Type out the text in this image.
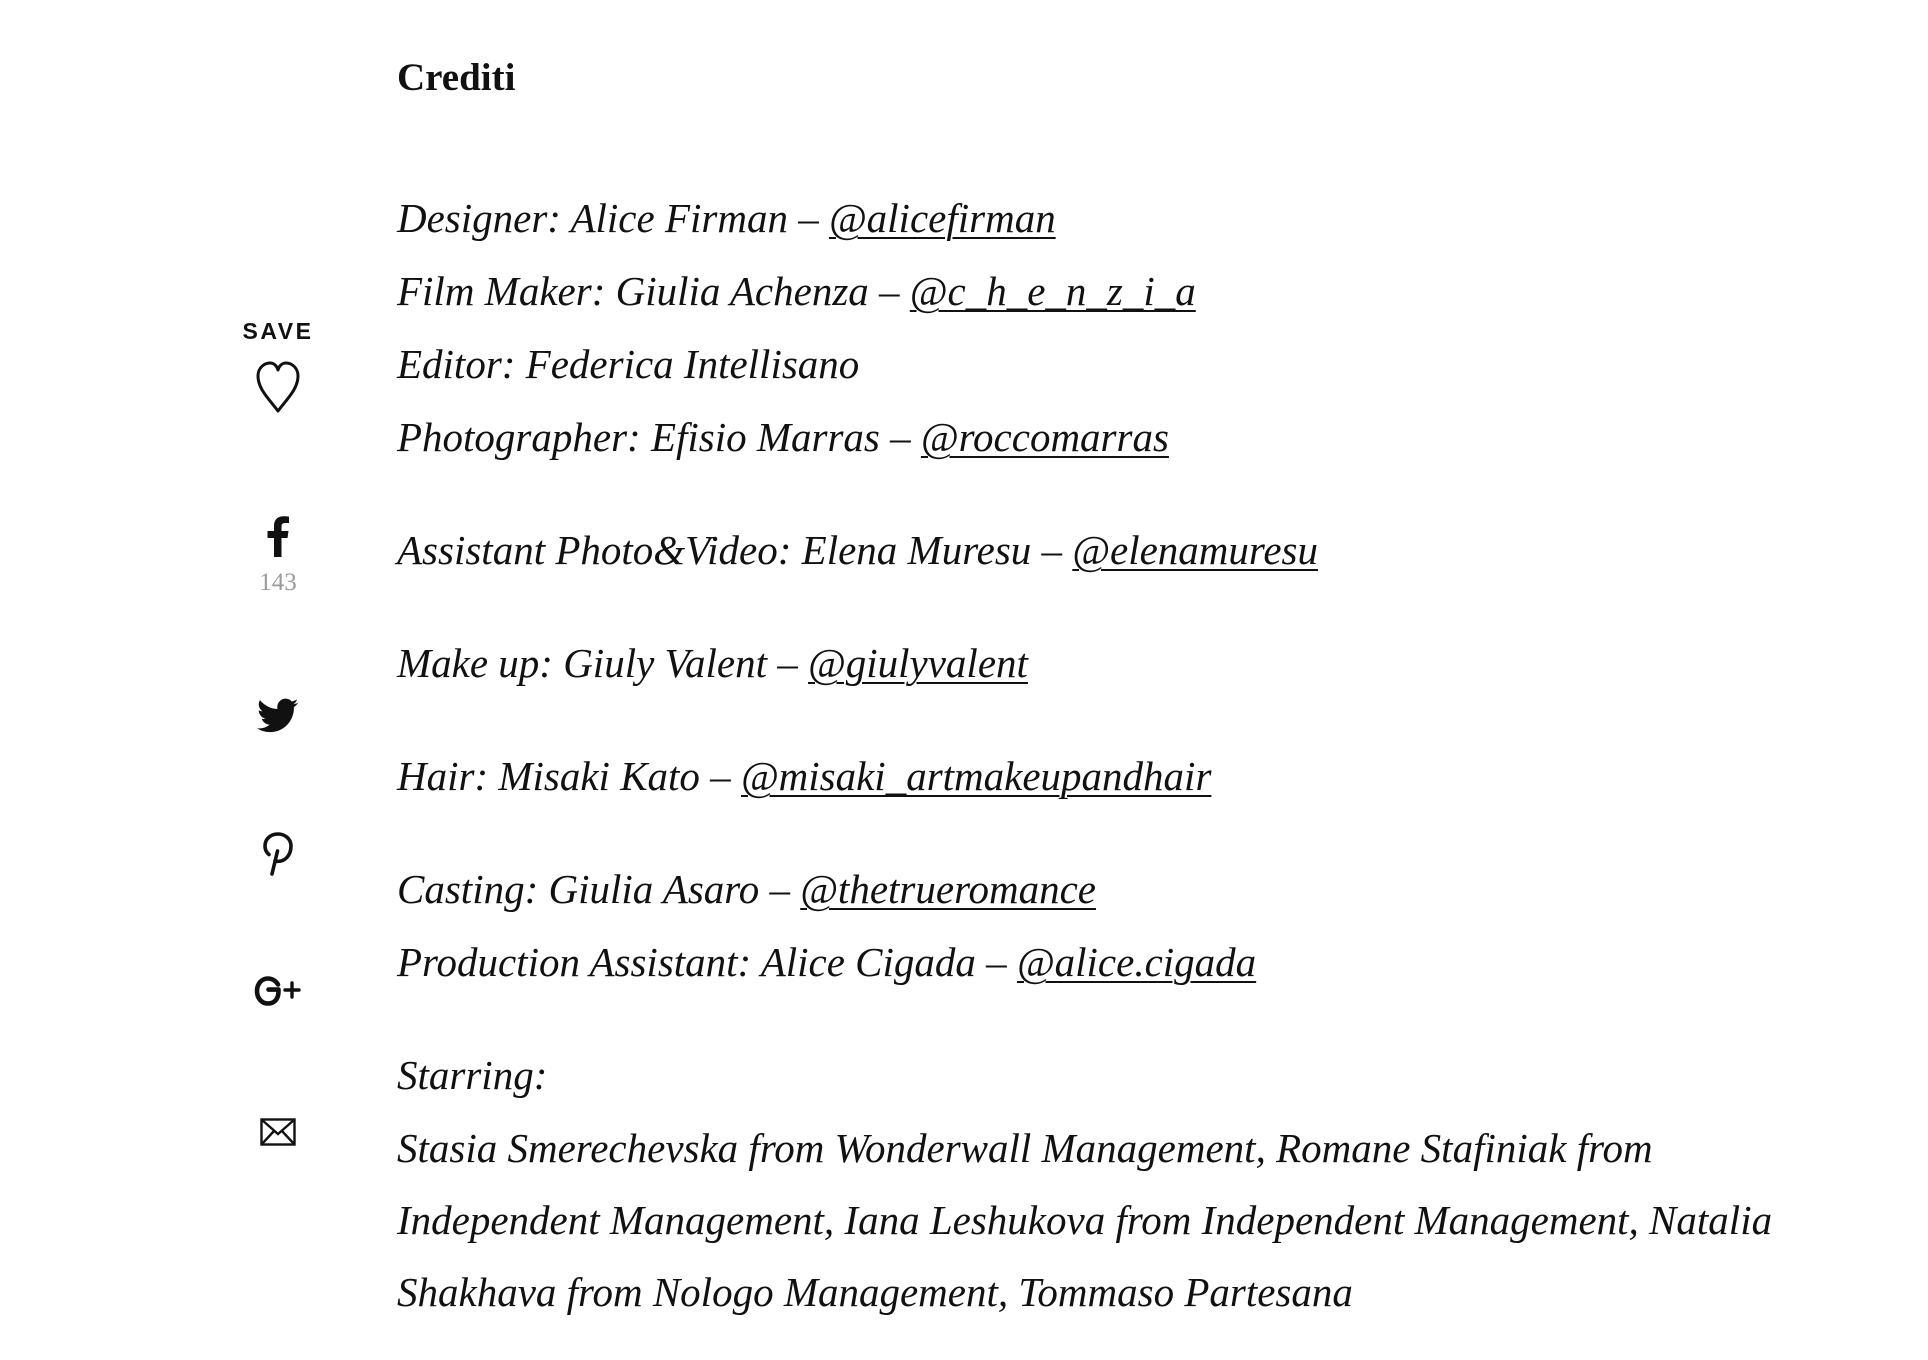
SAVE
143
Crediti

Designer: Alice Firman – @alicefirman

Film Maker: Giulia Achenza – @c_h_e_n_z_i_a

Editor: Federica Intellisano

Photographer: Efisio Marras – @roccomarras

Assistant Photo&Video: Elena Muresu – @elenamuresu

Make up: Giuly Valent – @giulyvalent

Hair: Misaki Kato – @misaki_artmakeupandhair

Casting: Giulia Asaro – @thetrueromance

Production Assistant: Alice Cigada – @alice.cigada

Starring:

Stasia Smerechevska from Wonderwall Management, Romane Stafiniak from Independent Management, Iana Leshukova from Independent Management, Natalia Shakhava from Nologo Management, Tommaso Partesana
